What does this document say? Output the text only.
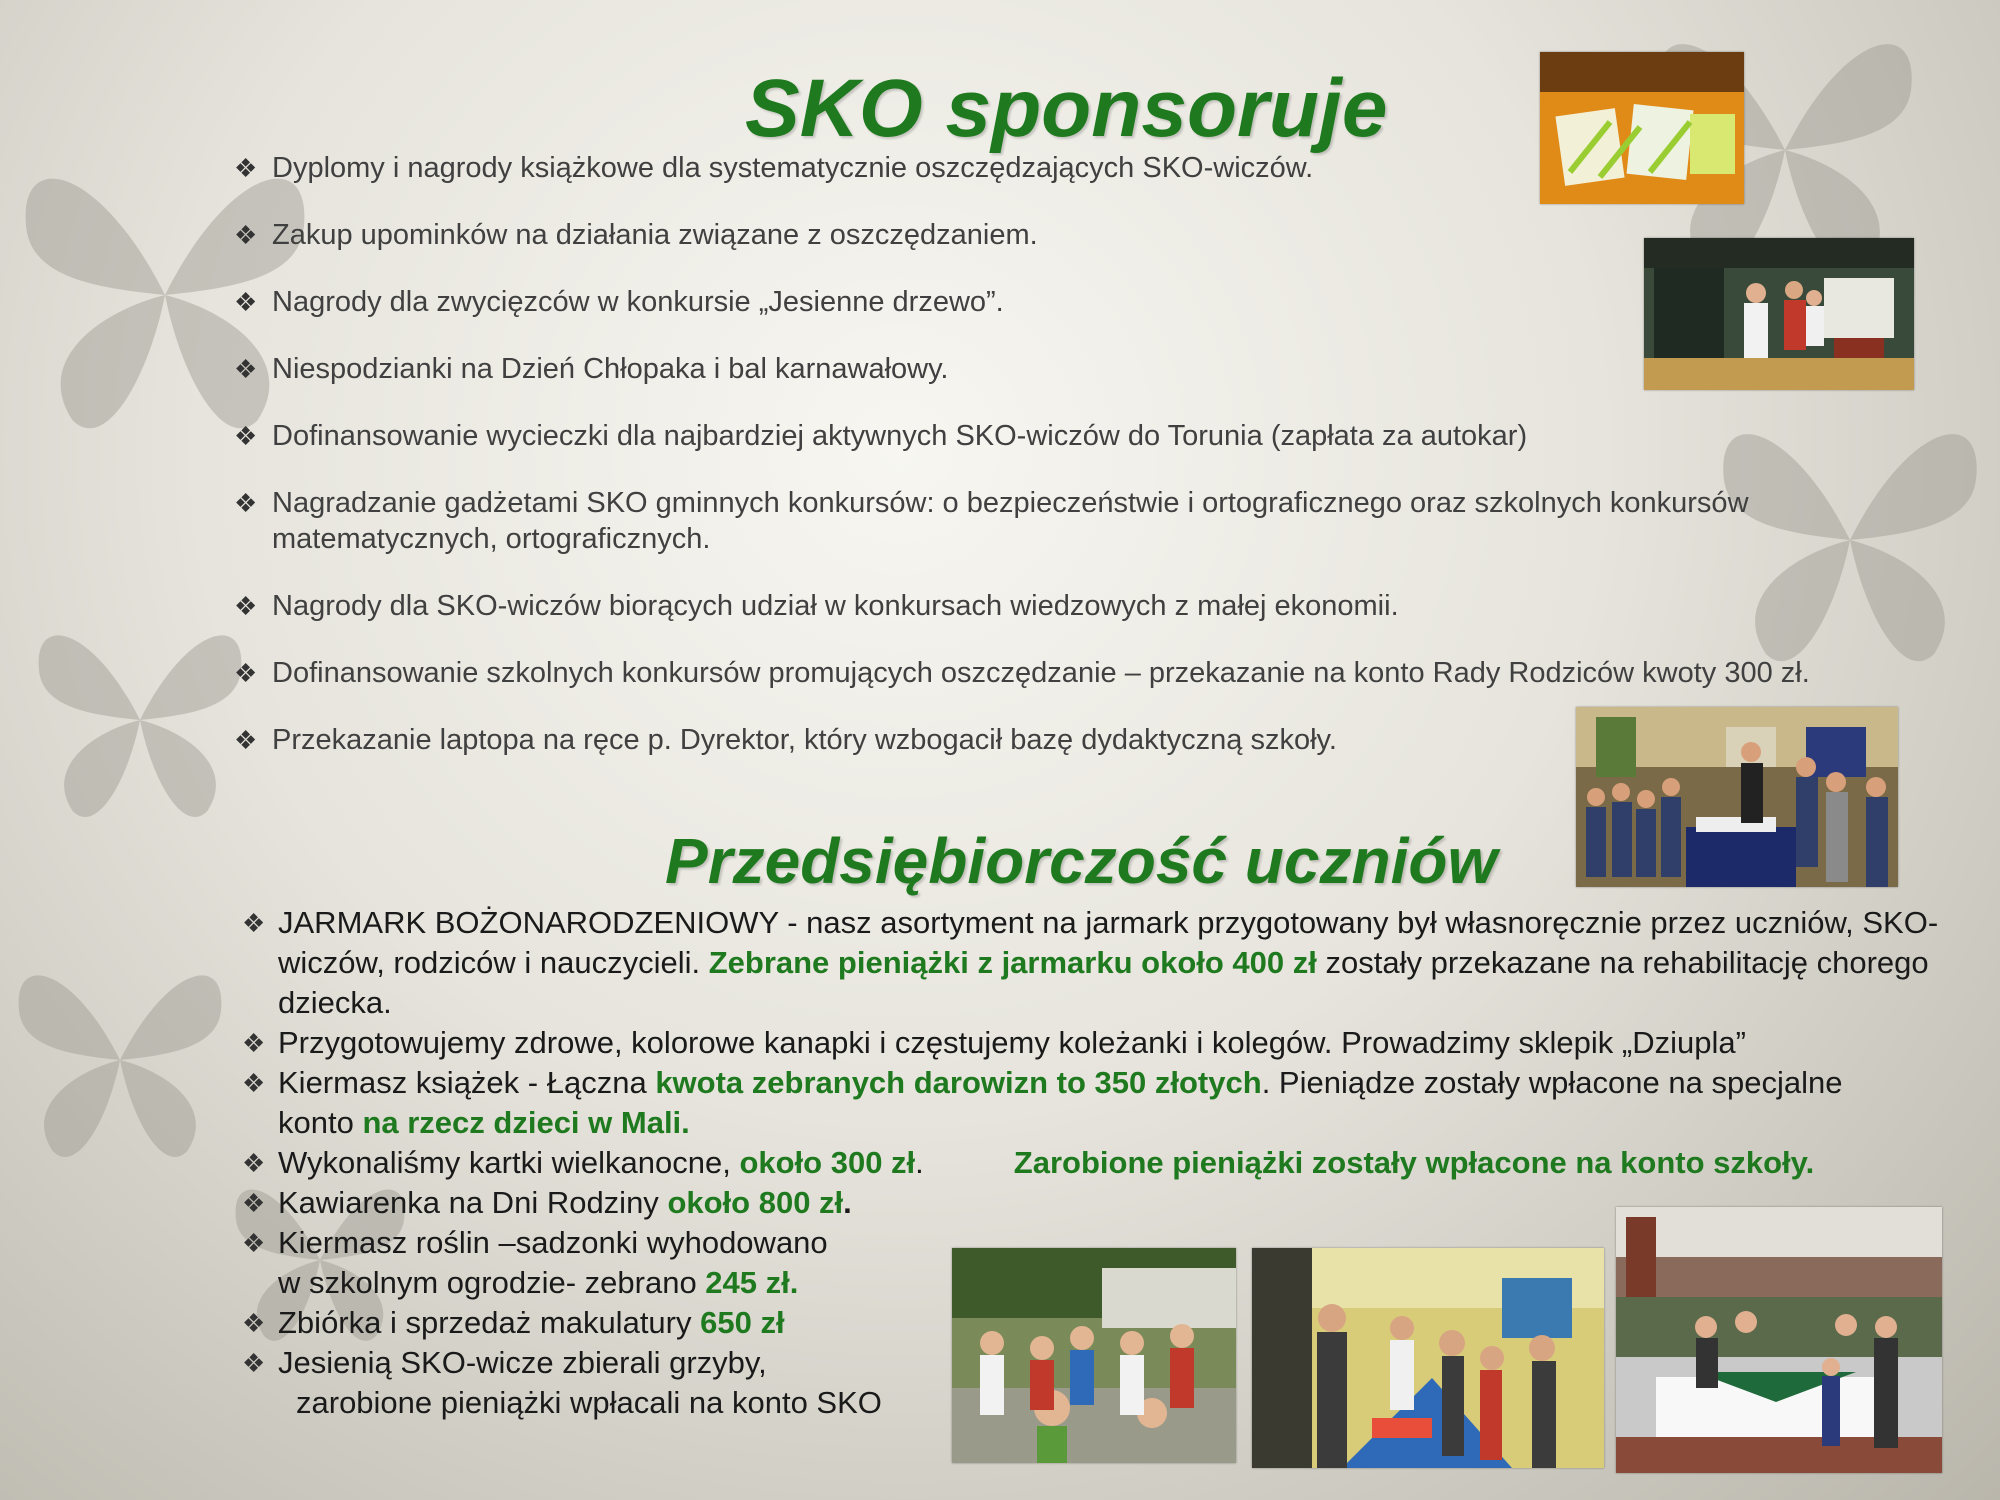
SKO sponsoruje
❖ Dyplomy i nagrody książkowe dla systematycznie oszczędzających SKO-wiczów.
❖ Zakup upominków na działania związane z oszczędzaniem.
❖ Nagrody dla zwycięzców w konkursie „Jesienne drzewo”.
❖ Niespodzianki na Dzień Chłopaka i bal karnawałowy.
❖ Dofinansowanie wycieczki dla najbardziej aktywnych SKO-wiczów do Torunia (zapłata za autokar)
❖ Nagradzanie gadżetami SKO gminnych konkursów: o bezpieczeństwie i ortograficznego oraz szkolnych konkursów matematycznych, ortograficznych.
❖ Nagrody dla SKO-wiczów biorących udział w konkursach wiedzowych z małej ekonomii.
❖ Dofinansowanie szkolnych konkursów promujących oszczędzanie – przekazanie na konto Rady Rodziców kwoty 300 zł.
❖ Przekazanie laptopa na ręce p. Dyrektor, który wzbogacił bazę dydaktyczną szkoły.
Przedsiębiorczość uczniów
❖ JARMARK BOŻONARODZENIOWY - nasz asortyment na jarmark przygotowany był własnoręcznie przez uczniów, SKO-wiczów, rodziców i nauczycieli. Zebrane pieniążki z jarmarku około 400 zł zostały przekazane na rehabilitację chorego dziecka.
❖ Przygotowujemy zdrowe, kolorowe kanapki i częstujemy koleżanki i kolegów. Prowadzimy sklepik „Dziupla”
❖ Kiermasz książek - Łączna kwota zebranych darowizn to 350 złotych. Pieniądze zostały wpłacone na specjalne konto na rzecz dzieci w Mali.
❖ Wykonaliśmy kartki wielkanocne, około 300 zł.	Zarobione pieniążki zostały wpłacone na konto szkoły.
❖ Kawiarenka na Dni Rodziny około 800 zł.
❖ Kiermasz roślin –sadzonki wyhodowano
w szkolnym ogrodzie- zebrano 245 zł.
❖ Zbiórka i sprzedaż makulatury 650 zł
❖ Jesienią SKO-wicze zbierali grzyby,
zarobione pieniążki wpłacali na konto SKO
